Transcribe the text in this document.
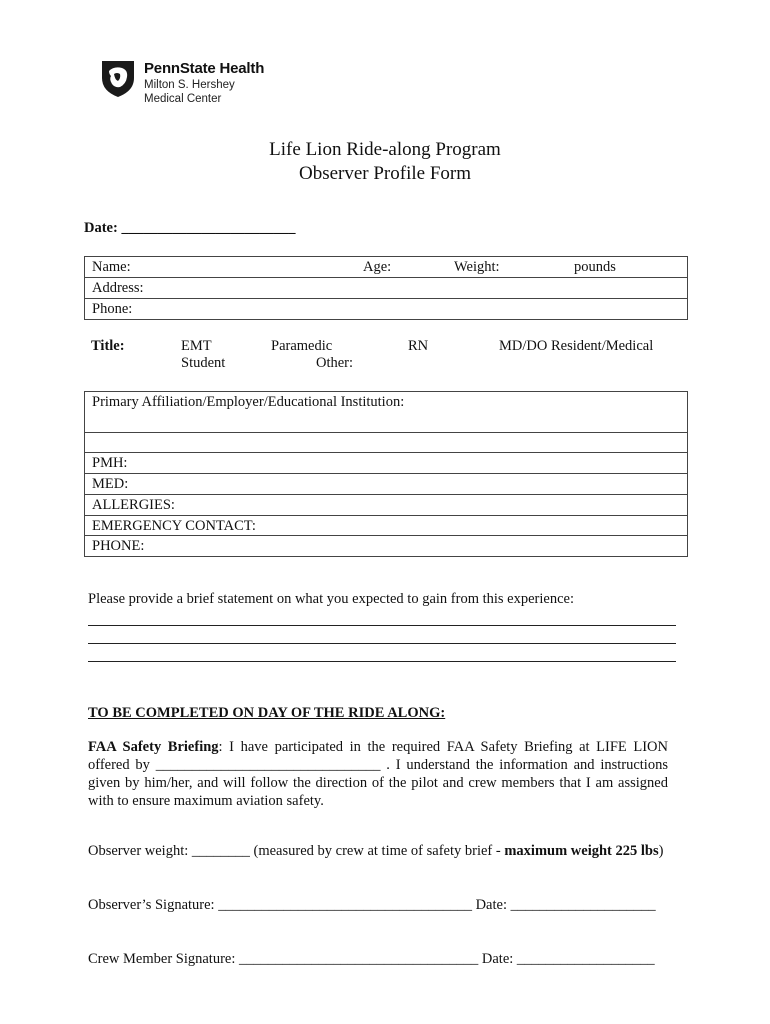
PennState Health
Milton S. Hershey
Medical Center
Life Lion Ride-along Program
Observer Profile Form
Date: ________________________
Name:	Age:	Weight:	pounds
Address:
Phone:
Title:	EMT	Paramedic	RN	MD/DO Resident/Medical
Student	Other:
Primary Affiliation/Employer/Educational Institution:
PMH:
MED:
ALLERGIES:
EMERGENCY CONTACT:
PHONE:
Please provide a brief statement on what you expected to gain from this experience:
TO BE COMPLETED ON DAY OF THE RIDE ALONG:
FAA Safety Briefing: I have participated in the required FAA Safety Briefing at LIFE LION offered by _______________________________ . I understand the information and instructions given by him/her, and will follow the direction of the pilot and crew members that I am assigned with to ensure maximum aviation safety.
Observer weight: ________ (measured by crew at time of safety brief - maximum weight 225 lbs)
Observer’s Signature: ___________________________________ Date: ____________________
Crew Member Signature: _________________________________ Date: ___________________
